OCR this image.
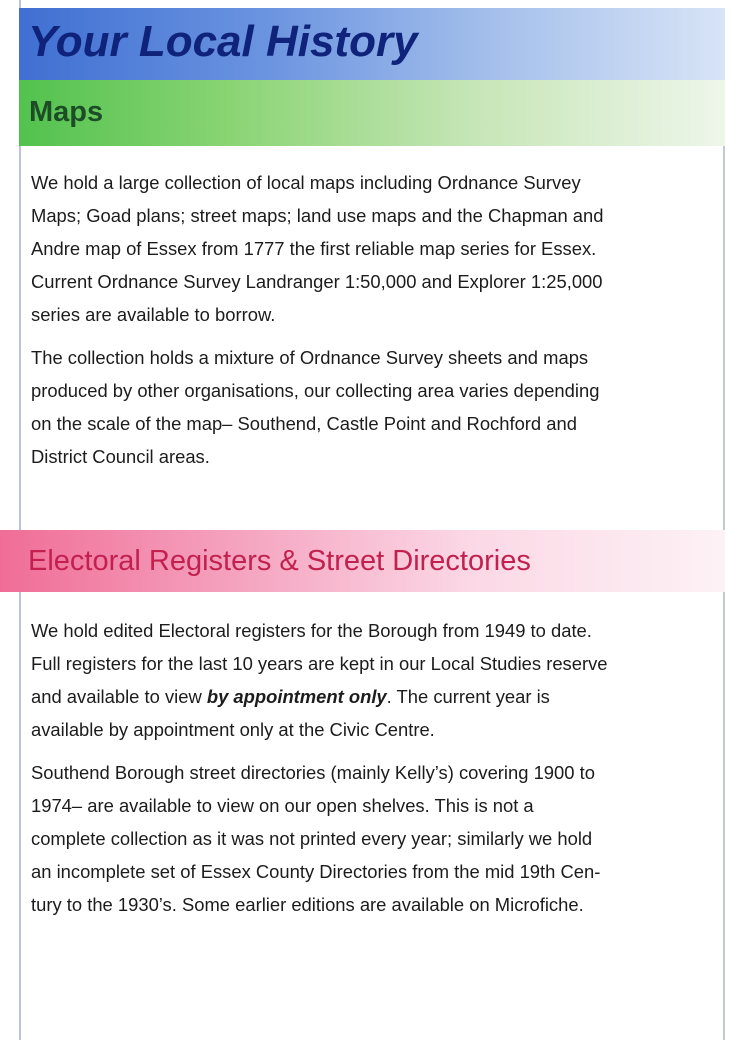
Your Local History
Maps

We hold a large collection of local maps including Ordnance Survey
Maps; Goad plans; street maps; land use maps and the Chapman and
Andre map of Essex from 1777 the first reliable map series for Essex.
Current Ordnance Survey Landranger 1:50,000 and Explorer 1:25,000
series are available to borrow.

The collection holds a mixture of Ordnance Survey sheets and maps
produced by other organisations, our collecting area varies depending
on the scale of the map– Southend, Castle Point and Rochford and
District Council areas.

Electoral Registers & Street Directories

We hold edited Electoral registers for the Borough from 1949 to date.
Full registers for the last 10 years are kept in our Local Studies reserve
and available to view by appointment only. The current year is
available by appointment only at the Civic Centre.

Southend Borough street directories (mainly Kelly’s) covering 1900 to
1974– are available to view on our open shelves. This is not a
complete collection as it was not printed every year; similarly we hold
an incomplete set of Essex County Directories from the mid 19th Cen-
tury to the 1930’s. Some earlier editions are available on Microfiche.
